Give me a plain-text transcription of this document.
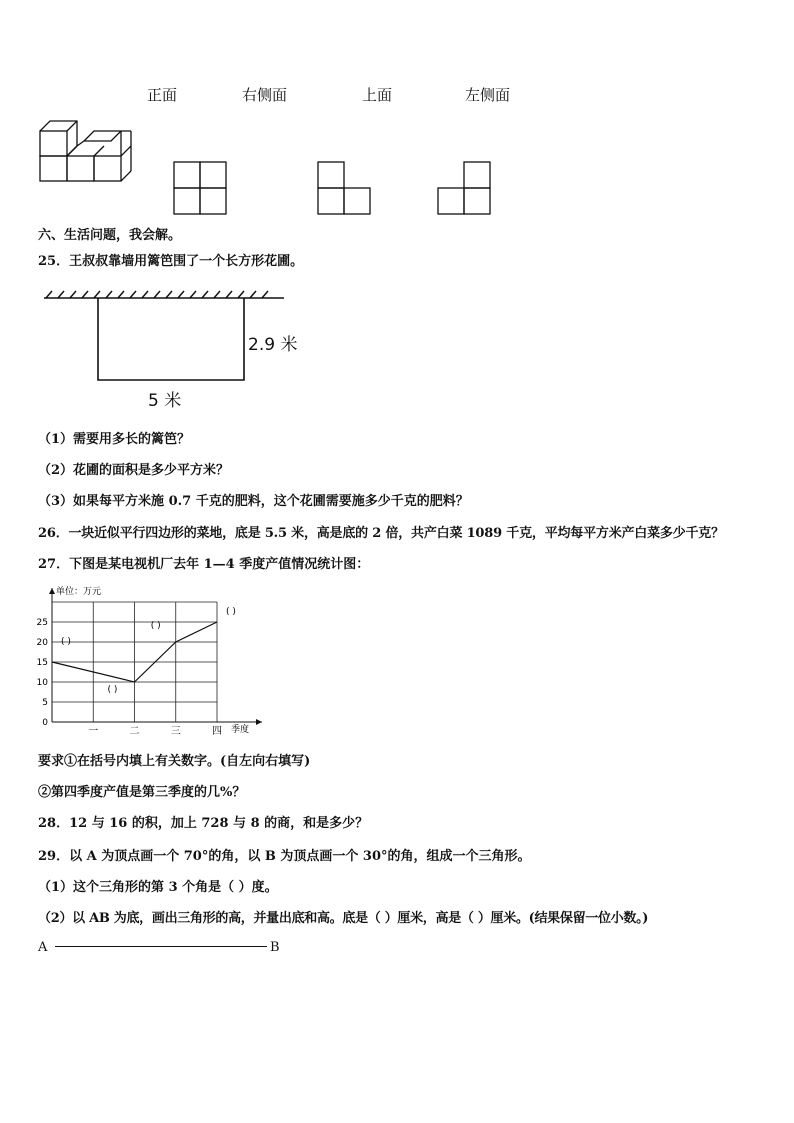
正面	右侧面	上面	左侧面
六、生活问题，我会解。
25．王叔叔靠墙用篱笆围了一个长方形花圃。
2.9 米
5 米
（1）需要用多长的篱笆？
（2）花圃的面积是多少平方米？
（3）如果每平方米施 0.7 千克的肥料，这个花圃需要施多少千克的肥料？
26．一块近似平行四边形的菜地，底是 5.5 米，高是底的 2 倍，共产白菜 1089 千克，平均每平方米产白菜多少千克？
27．下图是某电视机厂去年 1—4 季度产值情况统计图：
单位：万元
0
5
10
15
20
25
一	二	三	四 季度
( )
( )
( )
( )
要求①在括号内填上有关数字。(自左向右填写)
②第四季度产值是第三季度的几%？
28．12 与 16 的积，加上 728 与 8 的商，和是多少？
29．以 A 为顶点画一个 70°的角，以 B 为顶点画一个 30°的角，组成一个三角形。
（1）这个三角形的第 3 个角是（ ）度。
（2）以 AB 为底，画出三角形的高，并量出底和高。底是（ ）厘米，高是（ ）厘米。(结果保留一位小数。)
A	B
